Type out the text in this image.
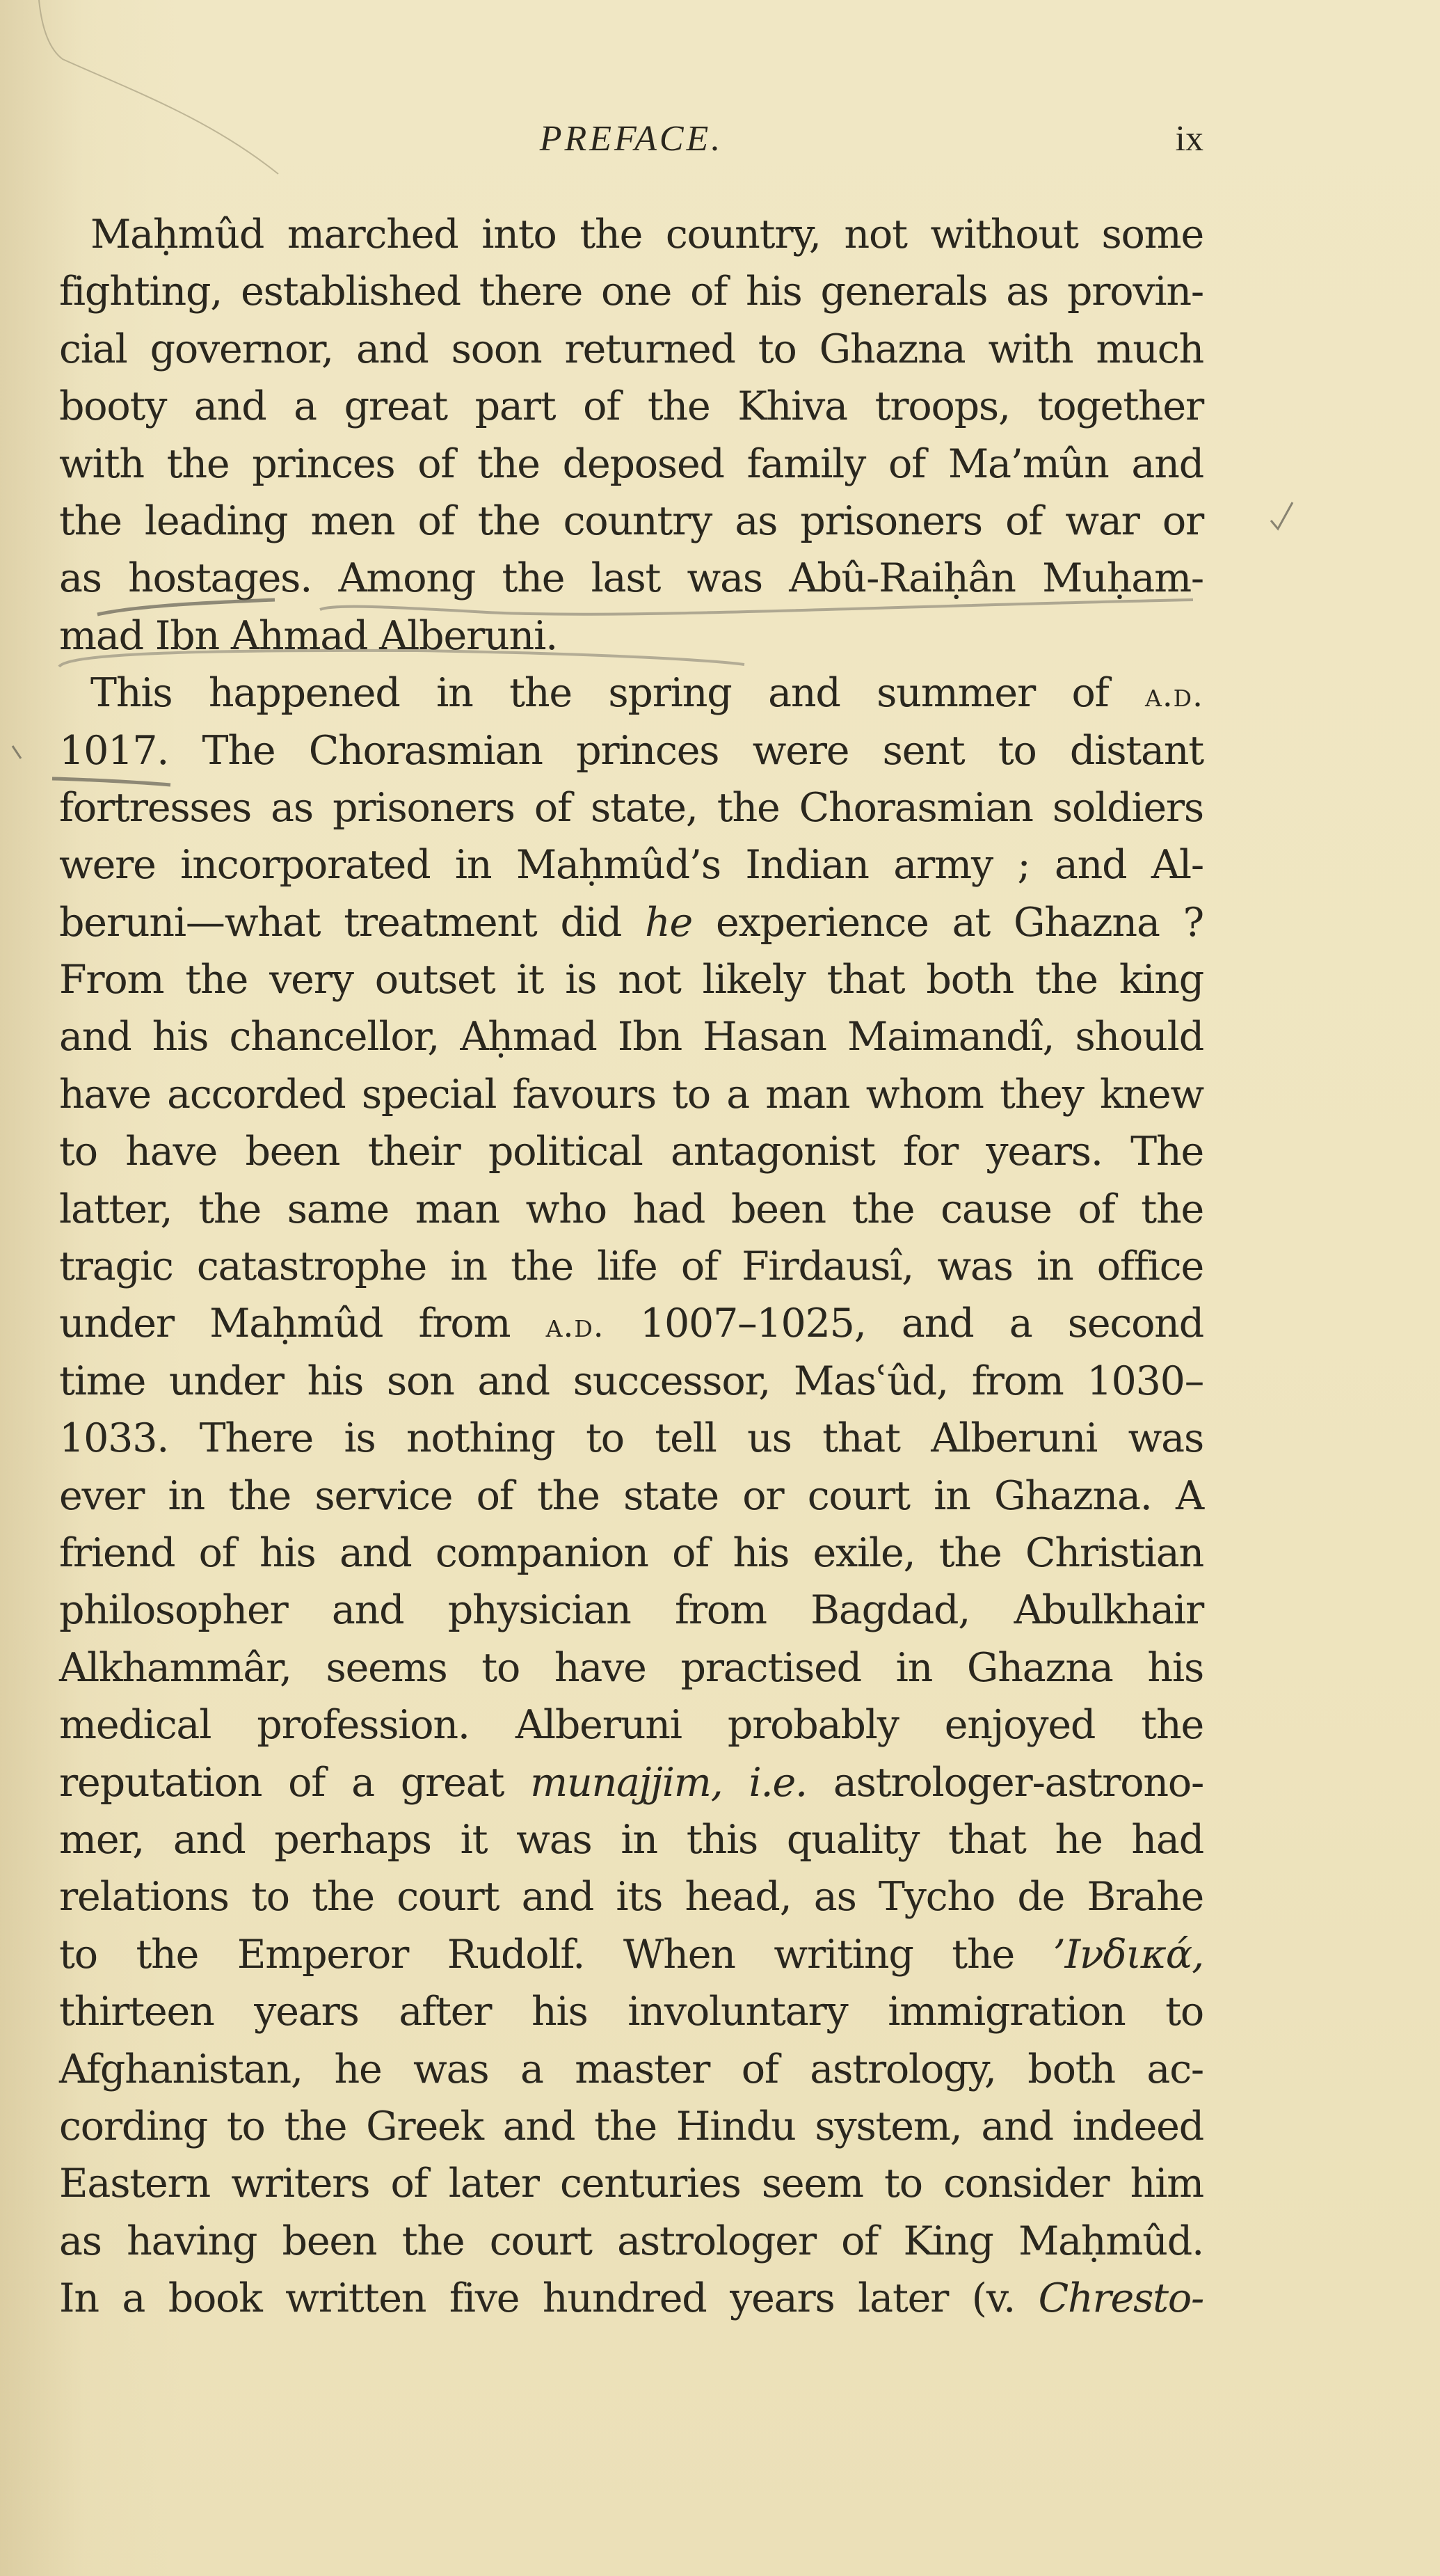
PREFACE.	ix
Maḥmûd marched into the country, not without some
fighting, established there one of his generals as provin-
cial governor, and soon returned to Ghazna with much
booty and a great part of the Khiva troops, together
with the princes of the deposed family of Ma’mûn and
the leading men of the country as prisoners of war or
as hostages. Among the last was Abû-Raiḥân Muḥam-
mad Ibn Ahmad Alberuni.
This happened in the spring and summer of a.d.
1017. The Chorasmian princes were sent to distant
fortresses as prisoners of state, the Chorasmian soldiers
were incorporated in Maḥmûd’s Indian army ; and Al-
beruni—what treatment did he experience at Ghazna ?
From the very outset it is not likely that both the king
and his chancellor, Aḥmad Ibn Hasan Maimandî, should
have accorded special favours to a man whom they knew
to have been their political antagonist for years. The
latter, the same man who had been the cause of the
tragic catastrophe in the life of Firdausî, was in office
under Maḥmûd from a.d. 1007–1025, and a second
time under his son and successor, Masʿûd, from 1030–
1033. There is nothing to tell us that Alberuni was
ever in the service of the state or court in Ghazna. A
friend of his and companion of his exile, the Christian
philosopher and physician from Bagdad, Abulkhair
Alkhammâr, seems to have practised in Ghazna his
medical profession. Alberuni probably enjoyed the
reputation of a great munajjim, i.e. astrologer-astrono-
mer, and perhaps it was in this quality that he had
relations to the court and its head, as Tycho de Brahe
to the Emperor Rudolf. When writing the ’Ινδικά,
thirteen years after his involuntary immigration to
Afghanistan, he was a master of astrology, both ac-
cording to the Greek and the Hindu system, and indeed
Eastern writers of later centuries seem to consider him
as having been the court astrologer of King Maḥmûd.
In a book written five hundred years later (v. Chresto-
